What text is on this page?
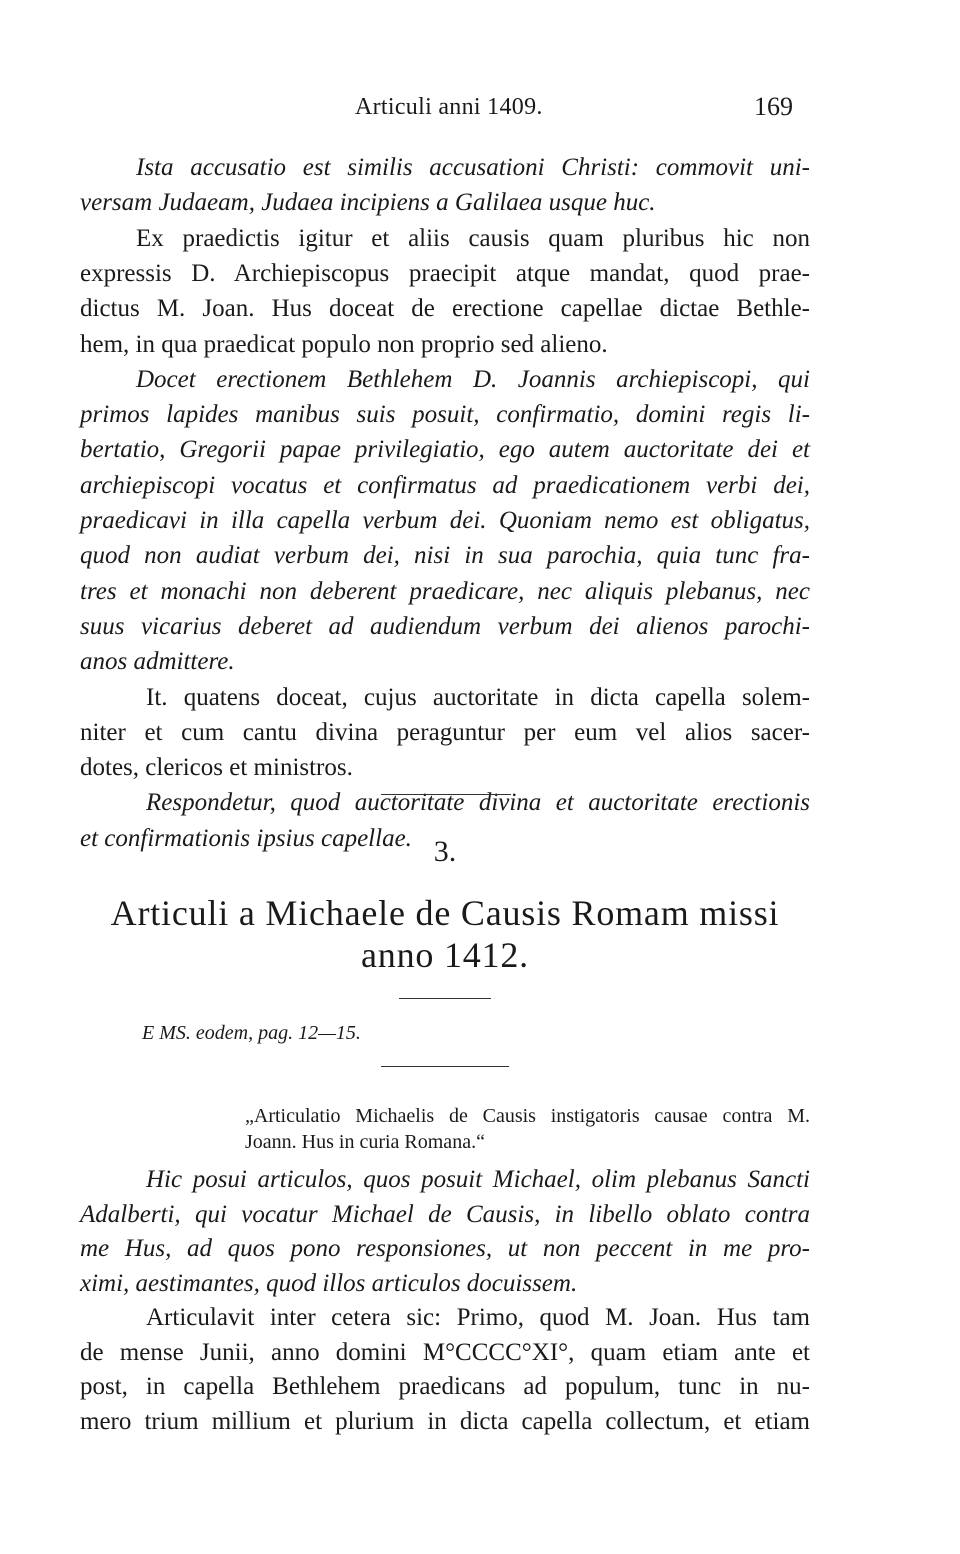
Articuli anni 1409.	169
Ista accusatio est similis accusationi Christi: commovit uni-
versam Judaeam, Judaea incipiens a Galilaea usque huc.
Ex praedictis igitur et aliis causis quam pluribus hic non
expressis D. Archiepiscopus praecipit atque mandat, quod prae-
dictus M. Joan. Hus doceat de erectione capellae dictae Bethle-
hem, in qua praedicat populo non proprio sed alieno.
Docet erectionem Bethlehem D. Joannis archiepiscopi, qui
primos lapides manibus suis posuit, confirmatio, domini regis li-
bertatio, Gregorii papae privilegiatio, ego autem auctoritate dei et
archiepiscopi vocatus et confirmatus ad praedicationem verbi dei,
praedicavi in illa capella verbum dei. Quoniam nemo est obligatus,
quod non audiat verbum dei, nisi in sua parochia, quia tunc fra-
tres et monachi non deberent praedicare, nec aliquis plebanus, nec
suus vicarius deberet ad audiendum verbum dei alienos parochi-
anos admittere.
It. quatens doceat, cujus auctoritate in dicta capella solem-
niter et cum cantu divina peraguntur per eum vel alios sacer-
dotes, clericos et ministros.
Respondetur, quod auctoritate divina et auctoritate erectionis
et confirmationis ipsius capellae. 3.
Articuli a Michaele de Causis Romam missi
anno 1412.
E MS. eodem, pag. 12—15.
„Articulatio Michaelis de Causis instigatoris causae contra M.
Joann. Hus in curia Romana.“
Hic posui articulos, quos posuit Michael, olim plebanus Sancti
Adalberti, qui vocatur Michael de Causis, in libello oblato contra
me Hus, ad quos pono responsiones, ut non peccent in me pro-
ximi, aestimantes, quod illos articulos docuissem.
Articulavit inter cetera sic: Primo, quod M. Joan. Hus tam
de mense Junii, anno domini M°CCCC°XI°, quam etiam ante et
post, in capella Bethlehem praedicans ad populum, tunc in nu-
mero trium millium et plurium in dicta capella collectum, et etiam
